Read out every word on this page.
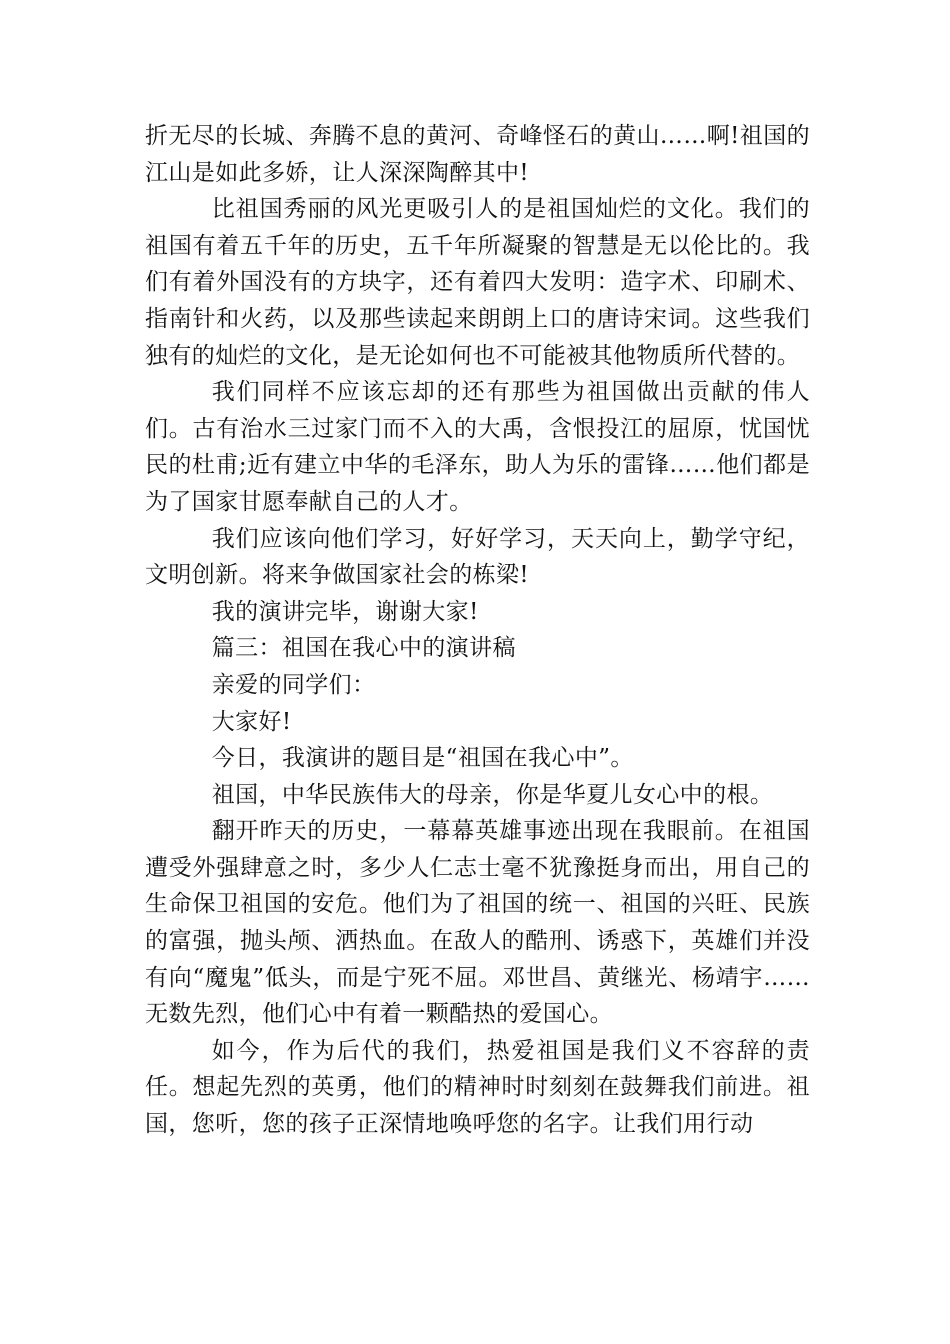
折无尽的长城、奔腾不息的黄河、奇峰怪石的黄山……啊!祖国的江山是如此多娇，让人深深陶醉其中!

比祖国秀丽的风光更吸引人的是祖国灿烂的文化。我们的祖国有着五千年的历史，五千年所凝聚的智慧是无以伦比的。我们有着外国没有的方块字，还有着四大发明：造字术、印刷术、指南针和火药，以及那些读起来朗朗上口的唐诗宋词。这些我们独有的灿烂的文化，是无论如何也不可能被其他物质所代替的。

我们同样不应该忘却的还有那些为祖国做出贡献的伟人们。古有治水三过家门而不入的大禹，含恨投江的屈原，忧国忧民的杜甫;近有建立中华的毛泽东，助人为乐的雷锋……他们都是为了国家甘愿奉献自己的人才。

我们应该向他们学习，好好学习，天天向上，勤学守纪，文明创新。将来争做国家社会的栋梁!

我的演讲完毕，谢谢大家!

篇三：祖国在我心中的演讲稿

亲爱的同学们：

大家好!

今日，我演讲的题目是“祖国在我心中”。

祖国，中华民族伟大的母亲，你是华夏儿女心中的根。

翻开昨天的历史，一幕幕英雄事迹出现在我眼前。在祖国遭受外强肆意之时，多少人仁志士毫不犹豫挺身而出，用自己的生命保卫祖国的安危。他们为了祖国的统一、祖国的兴旺、民族的富强，抛头颅、洒热血。在敌人的酷刑、诱惑下，英雄们并没有向“魔鬼”低头，而是宁死不屈。邓世昌、黄继光、杨靖宇……无数先烈，他们心中有着一颗酷热的爱国心。

如今，作为后代的我们，热爱祖国是我们义不容辞的责任。想起先烈的英勇，他们的精神时时刻刻在鼓舞我们前进。祖国，您听，您的孩子正深情地唤呼您的名字。让我们用行动
